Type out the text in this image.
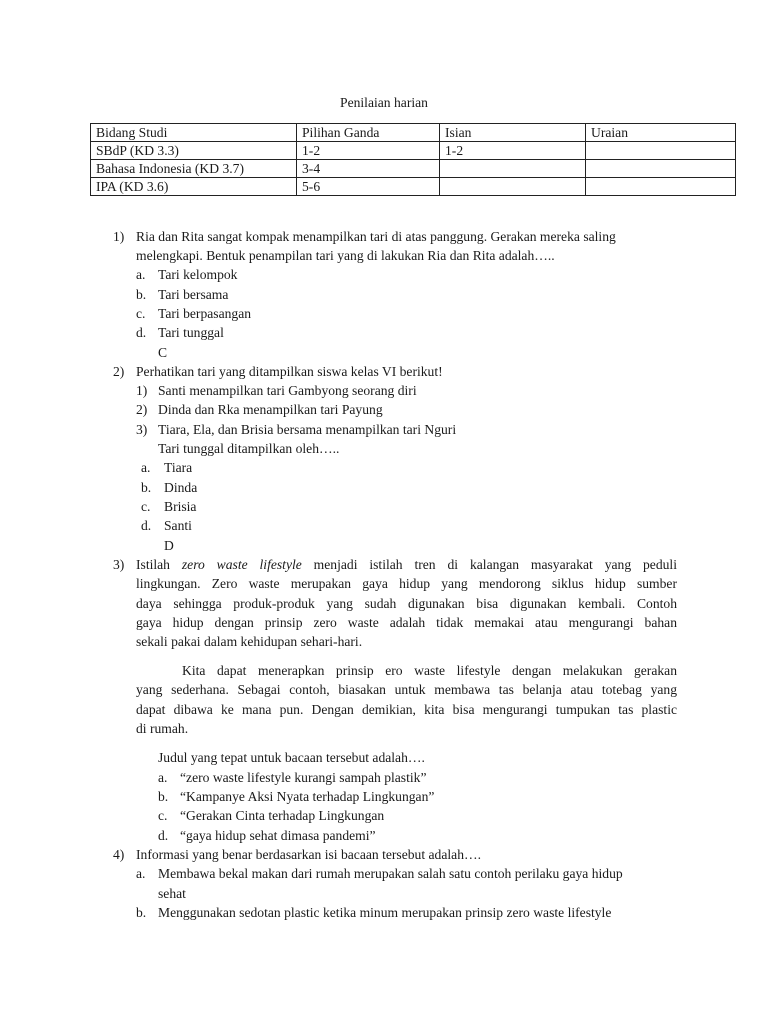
Penilaian harian
Bidang Studi	Pilihan Ganda	Isian	Uraian
SBdP (KD 3.3)	1-2	1-2	
Bahasa Indonesia (KD 3.7)	3-4		
IPA (KD 3.6)	5-6		
1) Ria dan Rita sangat kompak menampilkan tari di atas panggung. Gerakan mereka saling
melengkapi. Bentuk penampilan tari yang di lakukan Ria dan Rita adalah…..
a. Tari kelompok
b. Tari bersama
c. Tari berpasangan
d. Tari tunggal
C
2) Perhatikan tari yang ditampilkan siswa kelas VI berikut!
1) Santi menampilkan tari Gambyong seorang diri
2) Dinda dan Rka menampilkan tari Payung
3) Tiara, Ela, dan Brisia bersama menampilkan tari Nguri
Tari tunggal ditampilkan oleh…..
a. Tiara
b. Dinda
c. Brisia
d. Santi
D
3) Istilah zero waste lifestyle menjadi istilah tren di kalangan masyarakat yang peduli
lingkungan. Zero waste merupakan gaya hidup yang mendorong siklus hidup sumber
daya sehingga produk-produk yang sudah digunakan bisa digunakan kembali. Contoh
gaya hidup dengan prinsip zero waste adalah tidak memakai atau mengurangi bahan
sekali pakai dalam kehidupan sehari-hari.
Kita dapat menerapkan prinsip ero waste lifestyle dengan melakukan gerakan
yang sederhana. Sebagai contoh, biasakan untuk membawa tas belanja atau totebag yang
dapat dibawa ke mana pun. Dengan demikian, kita bisa mengurangi tumpukan tas plastic
di rumah.
Judul yang tepat untuk bacaan tersebut adalah….
a. “zero waste lifestyle kurangi sampah plastik”
b. “Kampanye Aksi Nyata terhadap Lingkungan”
c. “Gerakan Cinta terhadap Lingkungan
d. “gaya hidup sehat dimasa pandemi”
4) Informasi yang benar berdasarkan isi bacaan tersebut adalah….
a. Membawa bekal makan dari rumah merupakan salah satu contoh perilaku gaya hidup
sehat
b. Menggunakan sedotan plastic ketika minum merupakan prinsip zero waste lifestyle
